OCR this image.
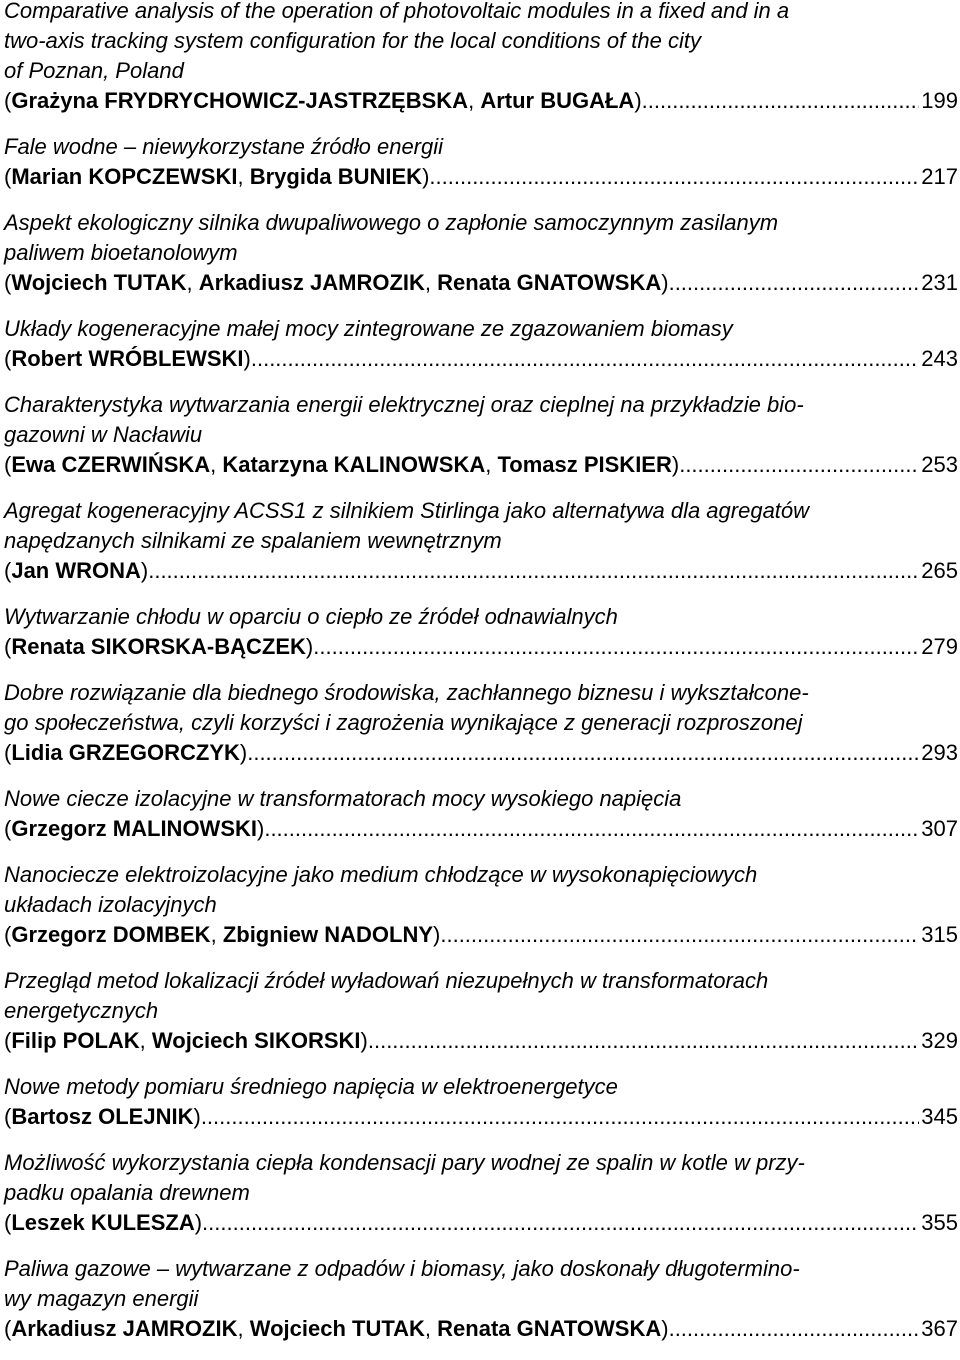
Comparative analysis of the operation of photovoltaic modules in a fixed and in a
two-axis tracking system configuration for the local conditions of the city
of Poznan, Poland
(Grażyna FRYDRYCHOWICZ-JASTRZĘBSKA, Artur BUGAŁA) .....	199
Fale wodne – niewykorzystane źródło energii
(Marian KOPCZEWSKI, Brygida BUNIEK). .....	217
Aspekt ekologiczny silnika dwupaliwowego o zapłonie samoczynnym zasilanym
paliwem bioetanolowym
(Wojciech TUTAK, Arkadiusz JAMROZIK, Renata GNATOWSKA) .....	231
Układy kogeneracyjne małej mocy zintegrowane ze zgazowaniem biomasy
(Robert WRÓBLEWSKI) .....	243
Charakterystyka wytwarzania energii elektrycznej oraz cieplnej na przykładzie bio-
gazowni w Nacławiu
(Ewa CZERWIŃSKA, Katarzyna KALINOWSKA, Tomasz PISKIER) .....	253
Agregat kogeneracyjny ACSS1 z silnikiem Stirlinga jako alternatywa dla agregatów
napędzanych silnikami ze spalaniem wewnętrznym
(Jan WRONA) .....	265
Wytwarzanie chłodu w oparciu o ciepło ze źródeł odnawialnych
(Renata SIKORSKA-BĄCZEK) .....	279
Dobre rozwiązanie dla biednego środowiska, zachłannego biznesu i wykształcone-
go społeczeństwa, czyli korzyści i zagrożenia wynikające z generacji rozproszonej
(Lidia GRZEGORCZYK) .....	293
Nowe ciecze izolacyjne w transformatorach mocy wysokiego napięcia
(Grzegorz MALINOWSKI) .....	307
Nanociecze elektroizolacyjne jako medium chłodzące w wysokonapięciowych
układach izolacyjnych
(Grzegorz DOMBEK, Zbigniew NADOLNY) .....	315
Przegląd metod lokalizacji źródeł wyładowań niezupełnych w transformatorach
energetycznych
(Filip POLAK, Wojciech SIKORSKI) .....	329
Nowe metody pomiaru średniego napięcia w elektroenergetyce
(Bartosz OLEJNIK) .....	345
Możliwość wykorzystania ciepła kondensacji pary wodnej ze spalin w kotle w przy-
padku opalania drewnem
(Leszek KULESZA) .....	355
Paliwa gazowe – wytwarzane z odpadów i biomasy, jako doskonały długotermino-
wy magazyn energii
(Arkadiusz JAMROZIK, Wojciech TUTAK, Renata GNATOWSKA) .....	367
